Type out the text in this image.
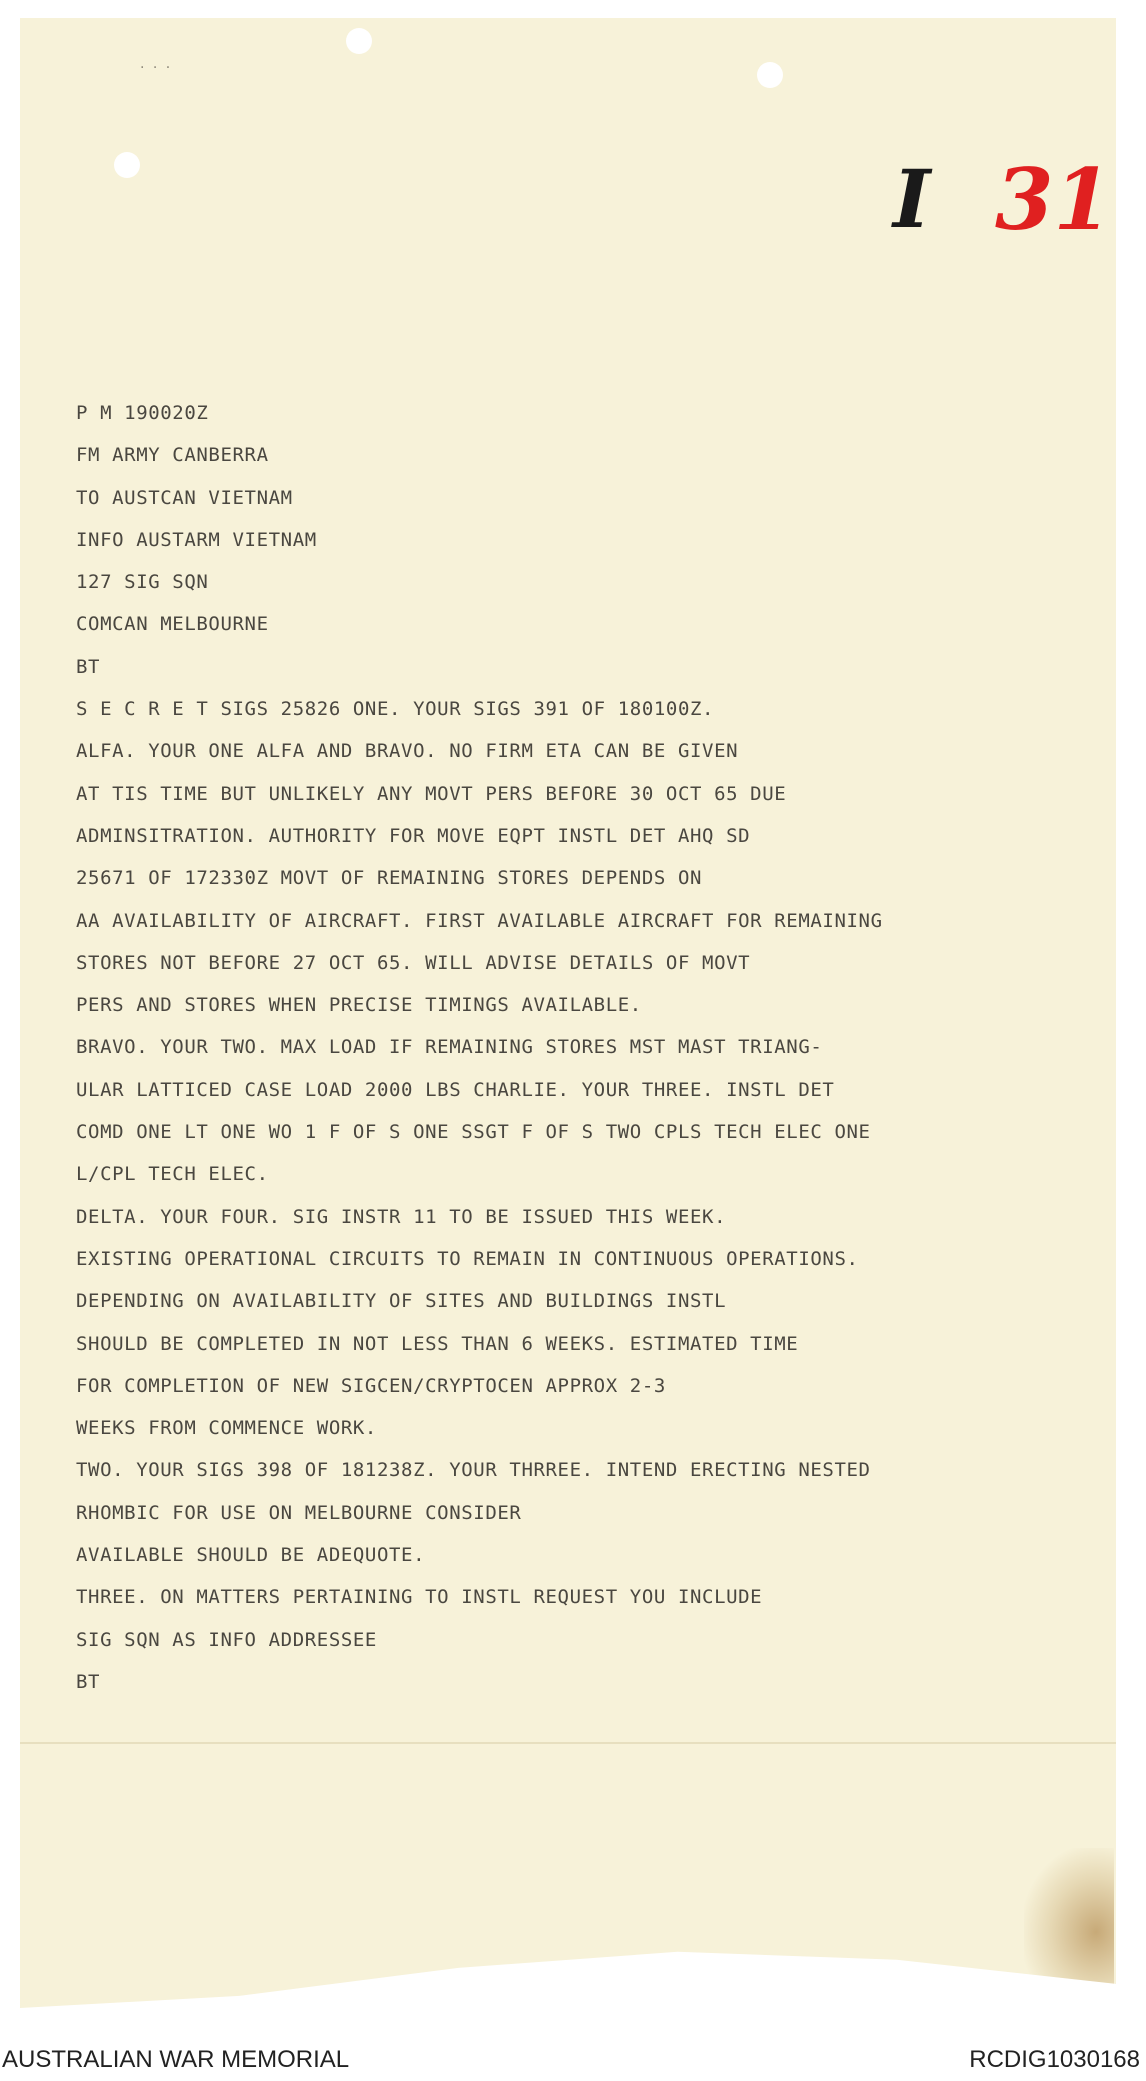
· ⋅ ·
I 31
P M 190020Z
FM ARMY CANBERRA
TO AUSTCAN VIETNAM
INFO AUSTARM VIETNAM
127 SIG SQN
COMCAN MELBOURNE
BT
S E C R E T SIGS 25826 ONE. YOUR SIGS 391 OF 180100Z.
ALFA. YOUR ONE ALFA AND BRAVO. NO FIRM ETA CAN BE GIVEN
AT TIS TIME BUT UNLIKELY ANY MOVT PERS BEFORE 30 OCT 65 DUE
ADMINSITRATION. AUTHORITY FOR MOVE EQPT INSTL DET AHQ SD
25671 OF 172330Z MOVT OF REMAINING STORES DEPENDS ON
AA AVAILABILITY OF AIRCRAFT. FIRST AVAILABLE AIRCRAFT FOR REMAINING
STORES NOT BEFORE 27 OCT 65. WILL ADVISE DETAILS OF MOVT
PERS AND STORES WHEN PRECISE TIMINGS AVAILABLE.
BRAVO. YOUR TWO. MAX LOAD IF REMAINING STORES MST MAST TRIANG-
ULAR LATTICED CASE LOAD 2000 LBS CHARLIE. YOUR THREE. INSTL DET
COMD ONE LT ONE WO 1 F OF S ONE SSGT F OF S TWO CPLS TECH ELEC ONE
L/CPL TECH ELEC.
DELTA. YOUR FOUR. SIG INSTR 11 TO BE ISSUED THIS WEEK.
EXISTING OPERATIONAL CIRCUITS TO REMAIN IN CONTINUOUS OPERATIONS.
DEPENDING ON AVAILABILITY OF SITES AND BUILDINGS INSTL
SHOULD BE COMPLETED IN NOT LESS THAN 6 WEEKS. ESTIMATED TIME
FOR COMPLETION OF NEW SIGCEN/CRYPTOCEN APPROX 2-3
WEEKS FROM COMMENCE WORK.
TWO. YOUR SIGS 398 OF 181238Z. YOUR THRREE. INTEND ERECTING NESTED
RHOMBIC FOR USE ON MELBOURNE CONSIDER
AVAILABLE SHOULD BE ADEQUOTE.
THREE. ON MATTERS PERTAINING TO INSTL REQUEST YOU INCLUDE
SIG SQN AS INFO ADDRESSEE
BT
AUSTRALIAN WAR MEMORIAL	RCDIG1030168
